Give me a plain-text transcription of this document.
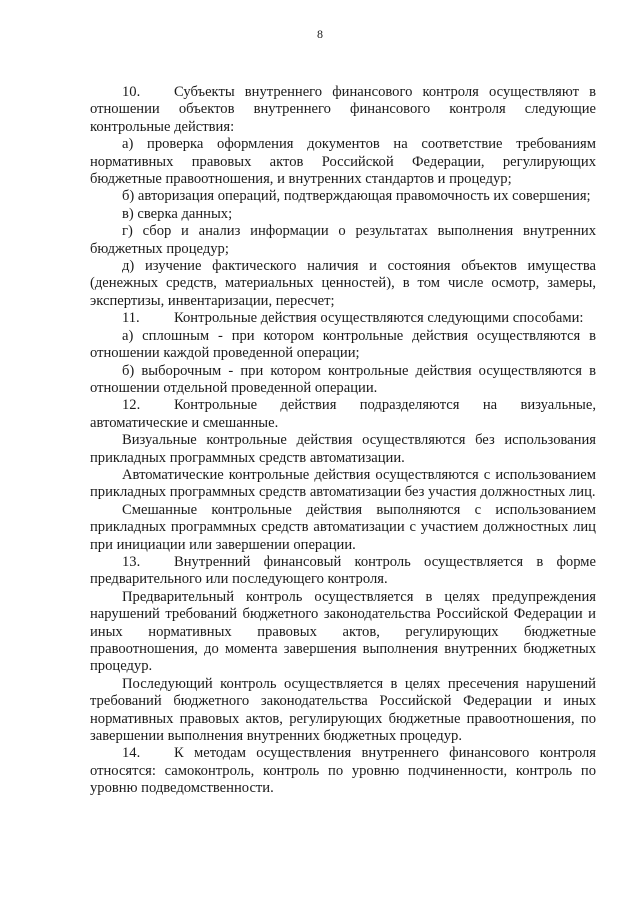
8

10. Субъекты внутреннего финансового контроля осуществляют в отношении объектов внутреннего финансового контроля следующие контрольные действия:

а) проверка оформления документов на соответствие требованиям нормативных правовых актов Российской Федерации, регулирующих бюджетные правоотношения, и внутренних стандартов и процедур;

б) авторизация операций, подтверждающая правомочность их совершения;

в) сверка данных;

г) сбор и анализ информации о результатах выполнения внутренних бюджетных процедур;

д) изучение фактического наличия и состояния объектов имущества (денежных средств, материальных ценностей), в том числе осмотр, замеры, экспертизы, инвентаризации, пересчет;

11. Контрольные действия осуществляются следующими способами:

а) сплошным - при котором контрольные действия осуществляются в отношении каждой проведенной операции;

б) выборочным - при котором контрольные действия осуществляются в отношении отдельной проведенной операции.

12. Контрольные действия подразделяются на визуальные, автоматические и смешанные.

Визуальные контрольные действия осуществляются без использования прикладных программных средств автоматизации.

Автоматические контрольные действия осуществляются с использованием прикладных программных средств автоматизации без участия должностных лиц.

Смешанные контрольные действия выполняются с использованием прикладных программных средств автоматизации с участием должностных лиц при инициации или завершении операции.

13. Внутренний финансовый контроль осуществляется в форме предварительного или последующего контроля.

Предварительный контроль осуществляется в целях предупреждения нарушений требований бюджетного законодательства Российской Федерации и иных нормативных правовых актов, регулирующих бюджетные правоотношения, до момента завершения выполнения внутренних бюджетных процедур.

Последующий контроль осуществляется в целях пресечения нарушений требований бюджетного законодательства Российской Федерации и иных нормативных правовых актов, регулирующих бюджетные правоотношения, по завершении выполнения внутренних бюджетных процедур.

14. К методам осуществления внутреннего финансового контроля относятся: самоконтроль, контроль по уровню подчиненности, контроль по уровню подведомственности.
